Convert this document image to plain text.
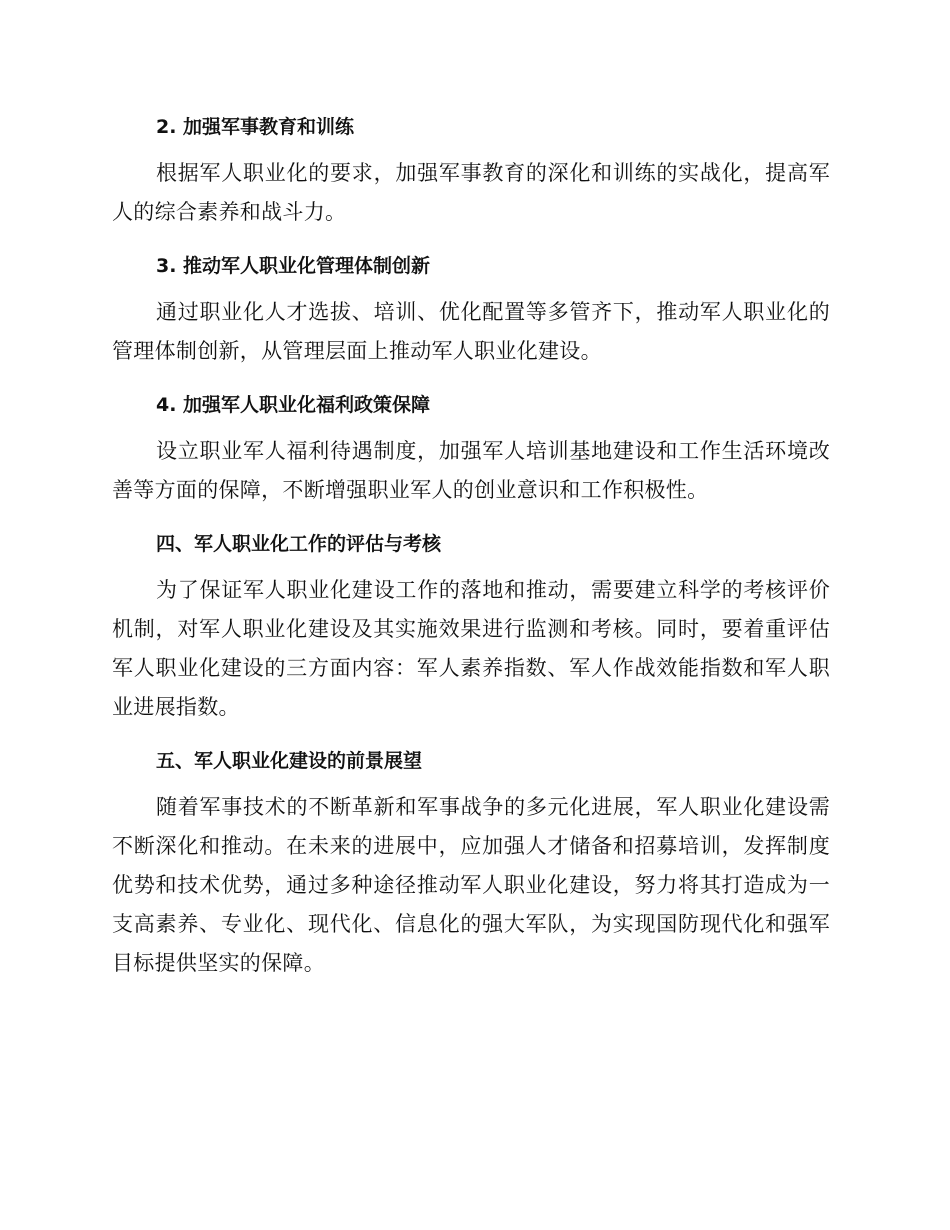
2. 加强军事教育和训练

根据军人职业化的要求，加强军事教育的深化和训练的实战化，提高军人的综合素养和战斗力。

3. 推动军人职业化管理体制创新

通过职业化人才选拔、培训、优化配置等多管齐下，推动军人职业化的管理体制创新，从管理层面上推动军人职业化建设。

4. 加强军人职业化福利政策保障

设立职业军人福利待遇制度，加强军人培训基地建设和工作生活环境改善等方面的保障，不断增强职业军人的创业意识和工作积极性。

四、军人职业化工作的评估与考核

为了保证军人职业化建设工作的落地和推动，需要建立科学的考核评价机制，对军人职业化建设及其实施效果进行监测和考核。同时，要着重评估军人职业化建设的三方面内容：军人素养指数、军人作战效能指数和军人职业进展指数。

五、军人职业化建设的前景展望

随着军事技术的不断革新和军事战争的多元化进展，军人职业化建设需不断深化和推动。在未来的进展中，应加强人才储备和招募培训，发挥制度优势和技术优势，通过多种途径推动军人职业化建设，努力将其打造成为一支高素养、专业化、现代化、信息化的强大军队，为实现国防现代化和强军目标提供坚实的保障。
